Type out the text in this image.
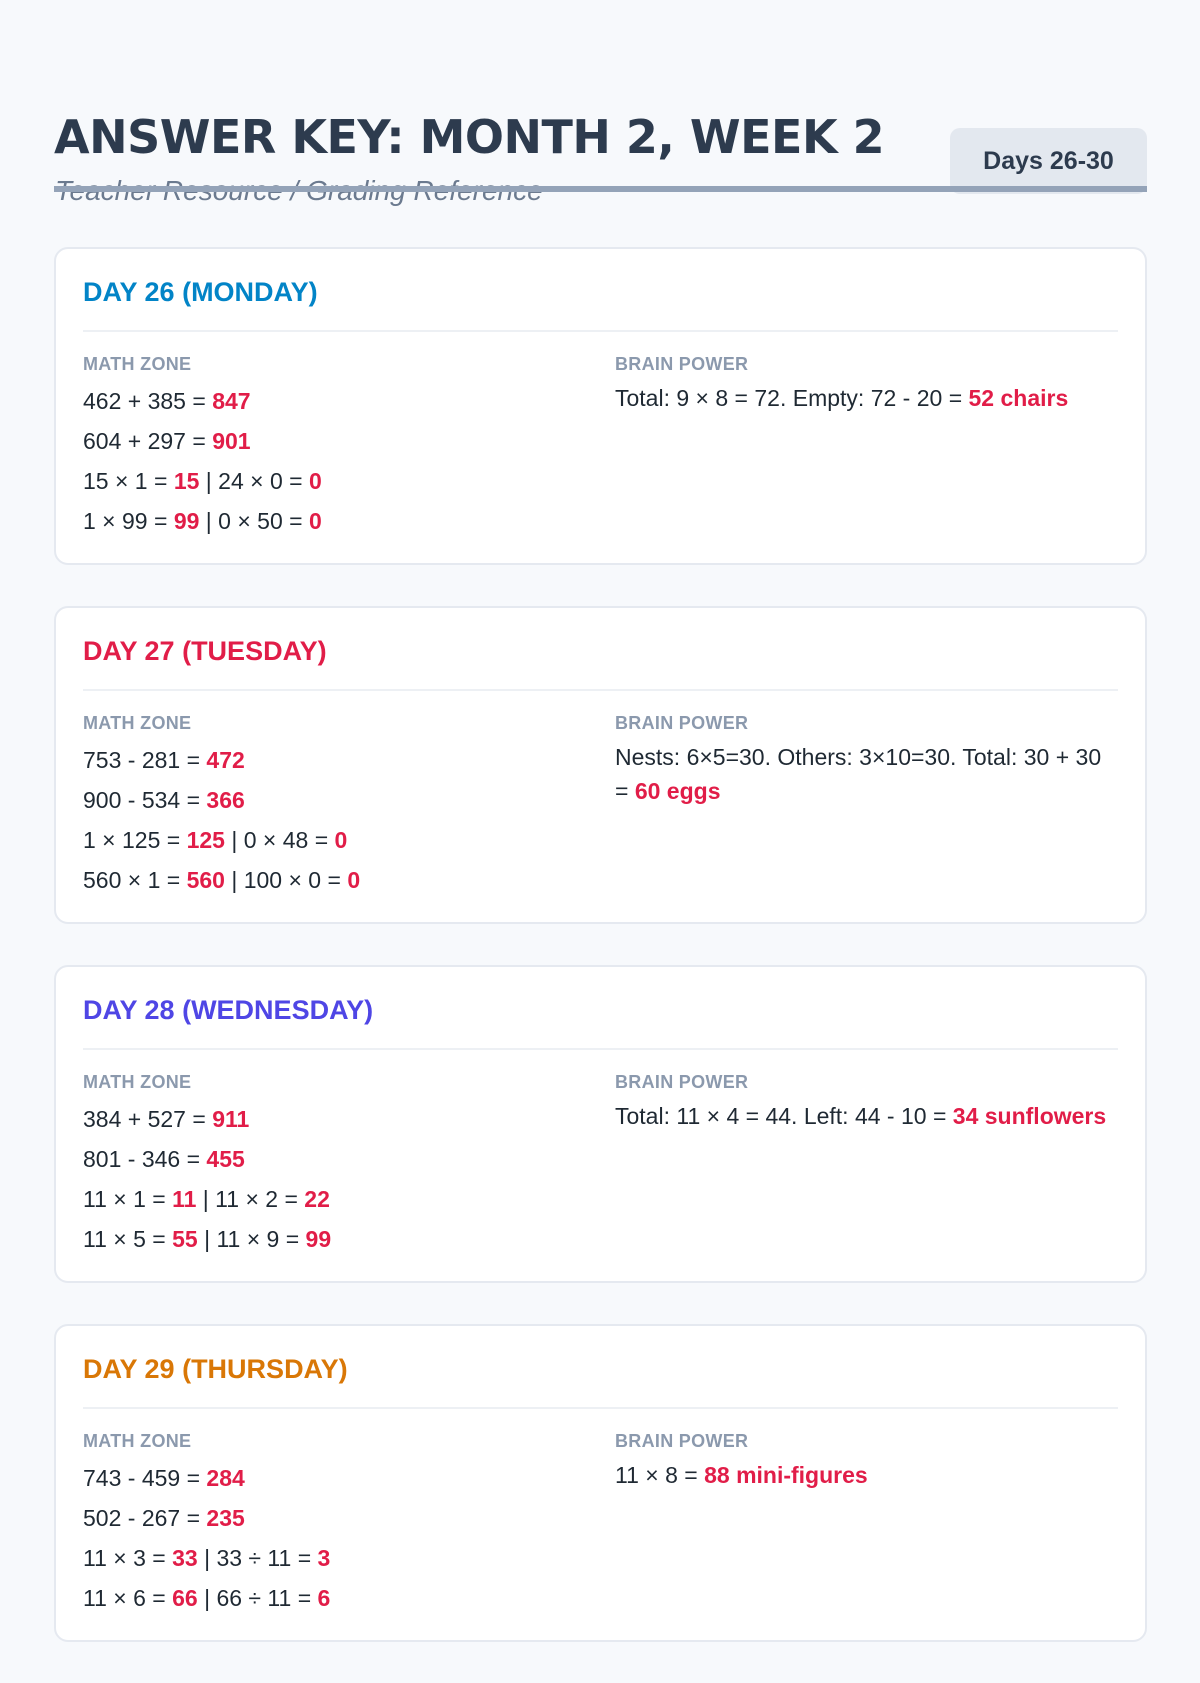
ANSWER KEY: MONTH 2, WEEK 2	Days 26-30
DAY 26 (MONDAY)
MATH ZONE
462 + 385 = 847
604 + 297 = 901
15 × 1 = 15 | 24 × 0 = 0
1 × 99 = 99 | 0 × 50 = 0
BRAIN POWER
Total: 9 × 8 = 72. Empty: 72 - 20 = 52 chairs
DAY 27 (TUESDAY)
MATH ZONE
753 - 281 = 472
900 - 534 = 366
1 × 125 = 125 | 0 × 48 = 0
560 × 1 = 560 | 100 × 0 = 0
BRAIN POWER
Nests: 6×5=30. Others: 3×10=30. Total: 30 + 30 = 60 eggs
DAY 28 (WEDNESDAY)
MATH ZONE
384 + 527 = 911
801 - 346 = 455
11 × 1 = 11 | 11 × 2 = 22
11 × 5 = 55 | 11 × 9 = 99
BRAIN POWER
Total: 11 × 4 = 44. Left: 44 - 10 = 34 sunflowers
DAY 29 (THURSDAY)
MATH ZONE
743 - 459 = 284
502 - 267 = 235
11 × 3 = 33 | 33 ÷ 11 = 3
11 × 6 = 66 | 66 ÷ 11 = 6
BRAIN POWER
11 × 8 = 88 mini-figures
